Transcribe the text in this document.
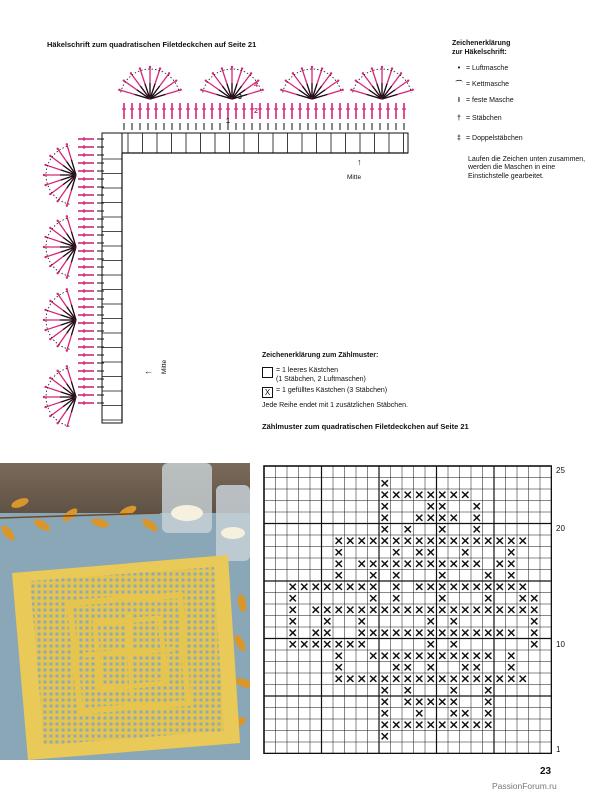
Häkelschrift zum quadratischen Filetdeckchen auf Seite 21	Zeichenerklärung
zur Häkelschrift:
• = Luftmasche
⌒ = Kettmasche
I = feste Masche
† = Stäbchen
‡ = Doppelstäbchen
Laufen die Zeichen unten zusammen, werden die Maschen in eine Einstichstelle gearbeitet.
Mitte
↑
Mitte
←
1
2
3
4
Zeichenerklärung zum Zählmuster:
= 1 leeres Kästchen
(1 Stäbchen, 2 Luftmaschen)
X = 1 gefülltes Kästchen (3 Stäbchen)
Jede Reihe endet mit 1 zusätzlichen Stäbchen.
Zählmuster zum quadratischen Filetdeckchen auf Seite 21
25
20
10
1
23
PassionForum.ru
